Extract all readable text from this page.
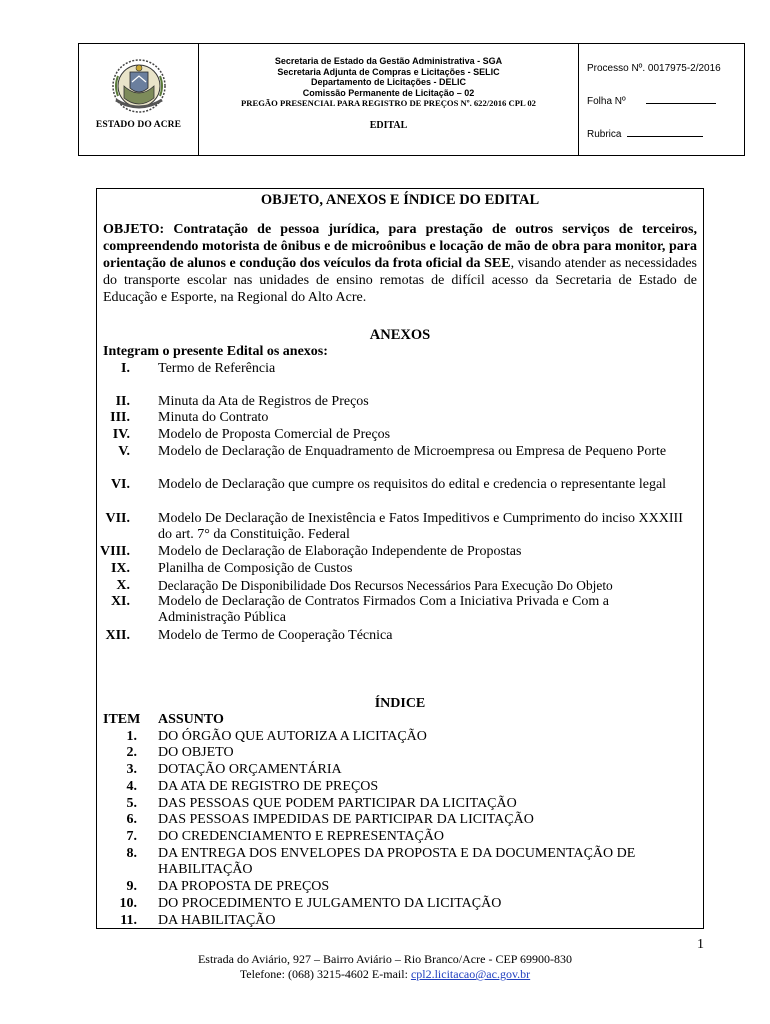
ESTADO DO ACRE
Secretaria de Estado da Gestão Administrativa - SGA
Secretaria Adjunta de Compras e Licitações - SELIC
Departamento de Licitações - DELIC
Comissão Permanente de Licitação – 02
PREGÃO PRESENCIAL PARA REGISTRO DE PREÇOS Nº. 622/2016 CPL 02
EDITAL
Processo Nº. 0017975-2/2016
Folha Nº
Rubrica
OBJETO, ANEXOS E ÍNDICE DO EDITAL
OBJETO: Contratação de pessoa jurídica, para prestação de outros serviços de terceiros, compreendendo motorista de ônibus e de microônibus e locação de mão de obra para monitor, para orientação de alunos e condução dos veículos da frota oficial da SEE, visando atender as necessidades do transporte escolar nas unidades de ensino remotas de difícil acesso da Secretaria de Estado de Educação e Esporte, na Regional do Alto Acre.
ANEXOS
Integram o presente Edital os anexos:
I. Termo de Referência
II. Minuta da Ata de Registros de Preços
III. Minuta do Contrato
IV. Modelo de Proposta Comercial de Preços
V. Modelo de Declaração de Enquadramento de Microempresa ou Empresa de Pequeno Porte
VI. Modelo de Declaração que cumpre os requisitos do edital e credencia o representante legal
VII. Modelo De Declaração de Inexistência e Fatos Impeditivos e Cumprimento do inciso XXXIII do art. 7° da Constituição. Federal
VIII. Modelo de Declaração de Elaboração Independente de Propostas
IX. Planilha de Composição de Custos
X. Declaração De Disponibilidade Dos Recursos Necessários Para Execução Do Objeto
XI. Modelo de Declaração de Contratos Firmados Com a Iniciativa Privada e Com a Administração Pública
XII. Modelo de Termo de Cooperação Técnica
ÍNDICE
ITEM ASSUNTO
1. DO ÓRGÃO QUE AUTORIZA A LICITAÇÃO
2. DO OBJETO
3. DOTAÇÃO ORÇAMENTÁRIA
4. DA ATA DE REGISTRO DE PREÇOS
5. DAS PESSOAS QUE PODEM PARTICIPAR DA LICITAÇÃO
6. DAS PESSOAS IMPEDIDAS DE PARTICIPAR DA LICITAÇÃO
7. DO CREDENCIAMENTO E REPRESENTAÇÃO
8. DA ENTREGA DOS ENVELOPES DA PROPOSTA E DA DOCUMENTAÇÃO DE HABILITAÇÃO
9. DA PROPOSTA DE PREÇOS
10. DO PROCEDIMENTO E JULGAMENTO DA LICITAÇÃO
11. DA HABILITAÇÃO
1
Estrada do Aviário, 927 – Bairro Aviário – Rio Branco/Acre - CEP 69900-830
Telefone: (068) 3215-4602 E-mail: cpl2.licitacao@ac.gov.br
